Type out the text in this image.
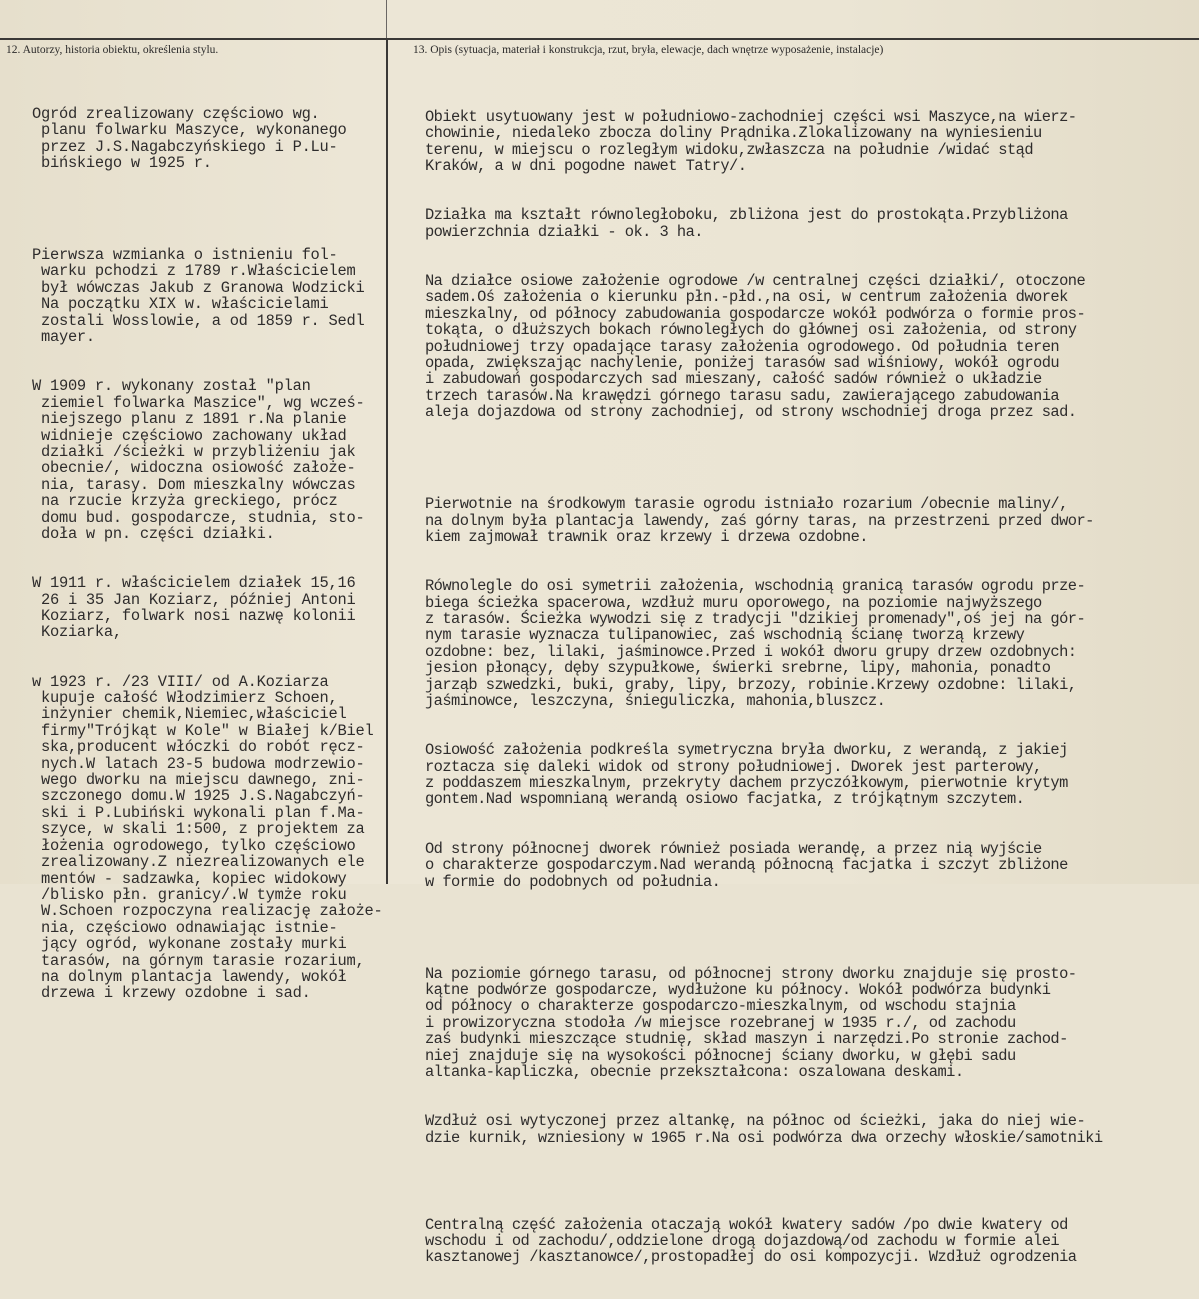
12. Autorzy, historia obiektu, określenia stylu.	13. Opis (sytuacja, materiał i konstrukcja, rzut, bryła, elewacje, dach wnętrze wyposażenie, instalacje)

Ogród zrealizowany częściowo wg.
planu folwarku Maszyce, wykonanego
przez J.S.Nagabczyńskiego i P.Lu-
bińskiego w 1925 r.

Pierwsza wzmianka o istnieniu fol-
warku pchodzi z 1789 r.Właścicielem
był wówczas Jakub z Granowa Wodzicki
Na początku XIX w. właścicielami
zostali Wosslowie, a od 1859 r. Sedl
mayer.

W 1909 r. wykonany został "plan
ziemiel folwarka Maszice", wg wcześ-
niejszego planu z 1891 r.Na planie
widnieje częściowo zachowany układ
działki /ścieżki w przybliżeniu jak
obecnie/, widoczna osiowość założe-
nia, tarasy. Dom mieszkalny wówczas
na rzucie krzyża greckiego, prócz
domu bud. gospodarcze, studnia, sto-
doła w pn. części działki.

W 1911 r. właścicielem działek 15,16
26 i 35 Jan Koziarz, później Antoni
Koziarz, folwark nosi nazwę kolonii
Koziarka,

w 1923 r. /23 VIII/ od A.Koziarza
kupuje całość Włodzimierz Schoen,
inżynier chemik,Niemiec,właściciel
firmy"Trójkąt w Kole" w Białej k/Biel
ska,producent włóczki do robót ręcz-
nych.W latach 23-5 budowa modrzewio-
wego dworku na miejscu dawnego, zni-
szczonego domu.W 1925 J.S.Nagabczyń-
ski i P.Lubiński wykonali plan f.Ma-
szyce, w skali 1:500, z projektem za
łożenia ogrodowego, tylko częściowo
zrealizowany.Z niezrealizowanych ele
mentów - sadzawka, kopiec widokowy
/blisko płn. granicy/.W tymże roku
W.Schoen rozpoczyna realizację założe-
nia, częściowo odnawiając istnie-
jący ogród, wykonane zostały murki
tarasów, na górnym tarasie rozarium,
na dolnym plantacja lawendy, wokół
drzewa i krzewy ozdobne i sad.

Obiekt usytuowany jest w południowo-zachodniej części wsi Maszyce,na wierz-
chowinie, niedaleko zbocza doliny Prądnika.Zlokalizowany na wyniesieniu
terenu, w miejscu o rozległym widoku,zwłaszcza na południe /widać stąd
Kraków, a w dni pogodne nawet Tatry/.

Działka ma kształt równoległoboku, zbliżona jest do prostokąta.Przybliżona
powierzchnia działki - ok. 3 ha.

Na działce osiowe założenie ogrodowe /w centralnej części działki/, otoczone
sadem.Oś założenia o kierunku płn.-płd.,na osi, w centrum założenia dworek
mieszkalny, od północy zabudowania gospodarcze wokół podwórza o formie pros-
tokąta, o dłuższych bokach równoległych do głównej osi założenia, od strony
południowej trzy opadające tarasy założenia ogrodowego. Od południa teren
opada, zwiększając nachylenie, poniżej tarasów sad wiśniowy, wokół ogrodu
i zabudowań gospodarczych sad mieszany, całość sadów również o układzie
trzech tarasów.Na krawędzi górnego tarasu sadu, zawierającego zabudowania
aleja dojazdowa od strony zachodniej, od strony wschodniej droga przez sad.

Pierwotnie na środkowym tarasie ogrodu istniało rozarium /obecnie maliny/,
na dolnym była plantacja lawendy, zaś górny taras, na przestrzeni przed dwor-
kiem zajmował trawnik oraz krzewy i drzewa ozdobne.

Równolegle do osi symetrii założenia, wschodnią granicą tarasów ogrodu prze-
biega ścieżka spacerowa, wzdłuż muru oporowego, na poziomie najwyższego
z tarasów. Ścieżka wywodzi się z tradycji "dzikiej promenady",oś jej na gór-
nym tarasie wyznacza tulipanowiec, zaś wschodnią ścianę tworzą krzewy
ozdobne: bez, lilaki, jaśminowce.Przed i wokół dworu grupy drzew ozdobnych:
jesion płonący, dęby szypułkowe, świerki srebrne, lipy, mahonia, ponadto
jarząb szwedzki, buki, graby, lipy, brzozy, robinie.Krzewy ozdobne: lilaki,
jaśminowce, leszczyna, śnieguliczka, mahonia,bluszcz.

Osiowość założenia podkreśla symetryczna bryła dworku, z werandą, z jakiej
roztacza się daleki widok od strony południowej. Dworek jest parterowy,
z poddaszem mieszkalnym, przekryty dachem przyczółkowym, pierwotnie krytym
gontem.Nad wspomnianą werandą osiowo facjatka, z trójkątnym szczytem.

Od strony północnej dworek również posiada werandę, a przez nią wyjście
o charakterze gospodarczym.Nad werandą północną facjatka i szczyt zbliżone
w formie do podobnych od południa.

Na poziomie górnego tarasu, od północnej strony dworku znajduje się prosto-
kątne podwórze gospodarcze, wydłużone ku północy. Wokół podwórza budynki
od północy o charakterze gospodarczo-mieszkalnym, od wschodu stajnia
i prowizoryczna stodoła /w miejsce rozebranej w 1935 r./, od zachodu
zaś budynki mieszczące studnię, skład maszyn i narzędzi.Po stronie zachod-
niej znajduje się na wysokości północnej ściany dworku, w głębi sadu
altanka-kapliczka, obecnie przekształcona: oszalowana deskami.

Wzdłuż osi wytyczonej przez altankę, na północ od ścieżki, jaka do niej wie-
dzie kurnik, wzniesiony w 1965 r.Na osi podwórza dwa orzechy włoskie/samotniki

Centralną część założenia otaczają wokół kwatery sadów /po dwie kwatery od
wschodu i od zachodu/,oddzielone drogą dojazdową/od zachodu w formie alei
kasztanowej /kasztanowce/,prostopadłej do osi kompozycji. Wzdłuż ogrodzenia
